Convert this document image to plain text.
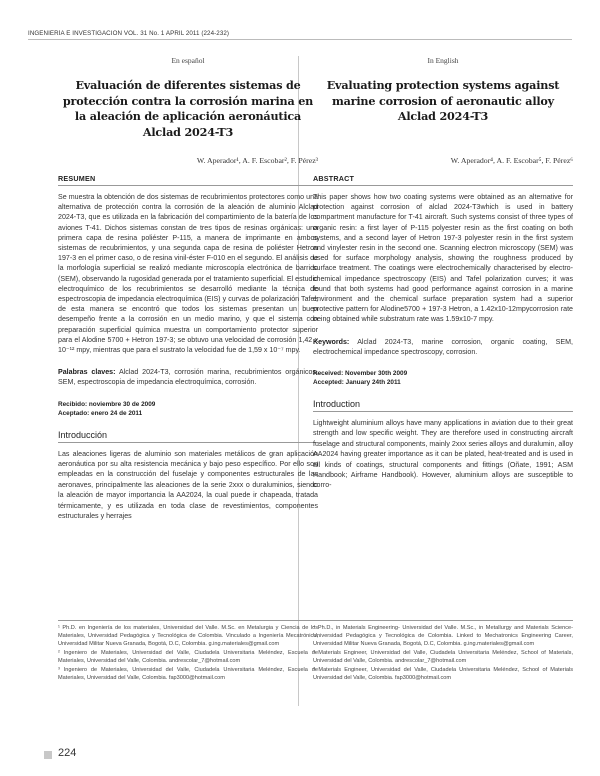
INGENIERÍA E INVESTIGACIÓN VOL. 31 No. 1 APRIL 2011 (224-232)
En español
Evaluación de diferentes sistemas de protección contra la corrosión marina en la aleación de aplicación aeronáutica Alclad 2024-T3
W. Aperador¹, A. F. Escobar², F. Pérez³
RESUMEN
Se muestra la obtención de dos sistemas de recubrimientos protectores como una alternativa de protección contra la corrosión de la aleación de aluminio Alclad 2024-T3, que es utilizada en la fabricación del compartimiento de la batería de los aviones T-41. Dichos sistemas constan de tres tipos de resinas orgánicas: una primera capa de resina poliéster P-115, a manera de imprimante en ambos sistemas de recubrimientos, y una segunda capa de resina de poliéster Hetron 197-3 en el primer caso, o de resina vinil-éster F-010 en el segundo. El análisis de la morfología superficial se realizó mediante microscopía electrónica de barrido (SEM), observando la rugosidad generada por el tratamiento superficial. El estudio electroquímico de los recubrimientos se desarrolló mediante la técnica de espectroscopia de impedancia electroquímica (EIS) y curvas de polarización Tafel; de esta manera se encontró que todos los sistemas presentan un buen desempeño frente a la corrosión en un medio marino, y que el sistema con preparación superficial química muestra un comportamiento protector superior para el Alodine 5700 + Hetron 197-3; se obtuvo una velocidad de corrosión 1,42 x 10⁻¹² mpy, mientras que para el sustrato la velocidad fue de 1,59 x 10⁻⁷ mpy.
Palabras claves: Alclad 2024-T3, corrosión marina, recubrimientos orgánicos, SEM, espectroscopia de impedancia electroquímica, corrosión.
Recibido: noviembre 30 de 2009
Aceptado: enero 24 de 2011
Introducción
Las aleaciones ligeras de aluminio son materiales metálicos de gran aplicación aeronáutica por su alta resistencia mecánica y bajo peso específico. Por ello son empleadas en la construcción del fuselaje y componentes estructurales de las aeronaves, principalmente las aleaciones de la serie 2xxx o duraluminios, siendo la aleación de mayor importancia la AA2024, la cual puede ir chapeada, tratada térmicamente, y es utilizada en toda clase de revestimientos, componentes estructurales y herrajes
In English
Evaluating protection systems against marine corrosion of aeronautic alloy Alclad 2024-T3
W. Aperador⁴, A. F. Escobar⁵, F. Pérez⁶
ABSTRACT
This paper shows how two coating systems were obtained as an alternative for protection against corrosion of alclad 2024-T3which is used in battery compartment manufacture for T-41 aircraft. Such systems consist of three types of organic resin: a first layer of P-115 polyester resin as the first coating on both systems, and a second layer of Hetron 197-3 polyester resin in the first system and vinylester resin in the second one. Scanning electron microscopy (SEM) was used for surface morphology analysis, showing the roughness produced by surface treatment. The coatings were electrochemically characterised by electro-chemical impedance spectroscopy (EIS) and Tafel polarization curves; it was found that both systems had good performance against corrosion in a marine environment and the chemical surface preparation system had a superior protective pattern for Alodine5700 + 197-3 Hetron, a 1.42x10-12mpycorrosion rate being obtained while substratum rate was 1.59x10-7 mpy.
Keywords: Alclad 2024-T3, marine corrosion, organic coating, SEM, electrochemical impedance spectroscopy, corrosion.
Received: November 30th 2009
Accepted: January 24th 2011
Introduction
Lightweight aluminium alloys have many applications in aviation due to their great strength and low specific weight. They are therefore used in constructing aircraft fuselage and structural components, mainly 2xxx series alloys and duralumin, alloy AA2024 having greater importance as it can be plated, heat-treated and is used in all kinds of coatings, structural components and fittings (Oñate, 1991; ASM Handbook; Airframe Handbook). However, aluminium alloys are susceptible to corro-
¹ Ph.D. en Ingeniería de los materiales, Universidad del Valle. M.Sc. en Metalurgia y Ciencia de los Materiales, Universidad Pedagógica y Tecnológica de Colombia. Vinculado a Ingeniería Mecatrónica, Universidad Militar Nueva Granada, Bogotá, D.C, Colombia. g.ing.materiales@gmail.com
² Ingeniero de Materiales, Universidad del Valle, Ciudadela Universitaria Meléndez, Escuela de Materiales, Universidad del Valle, Colombia. andrescolar_7@hotmail.com
³ Ingeniero de Materiales, Universidad del Valle, Ciudadela Universitaria Meléndez, Escuela de Materiales, Universidad del Valle, Colombia. fap3000@hotmail.com
⁴ Ph.D., in Materials Engineering- Universidad del Valle. M.Sc., in Metallurgy and Materials Science-Universidad Pedagógica y Tecnológica de Colombia. Linked to Mechatronics Engineering Career, Universidad Militar Nueva Granada, Bogotá, D.C, Colombia. g.ing.materiales@gmail.com
⁵ Materials Engineer, Universidad del Valle, Ciudadela Universitaria Meléndez, School of Materials, Universidad del Valle, Colombia. andrescolar_7@hotmail.com
⁶ Materials Engineer, Universidad del Valle, Ciudadela Universitaria Meléndez, School of Materials Universidad del Valle, Colombia. fap3000@hotmail.com
224
